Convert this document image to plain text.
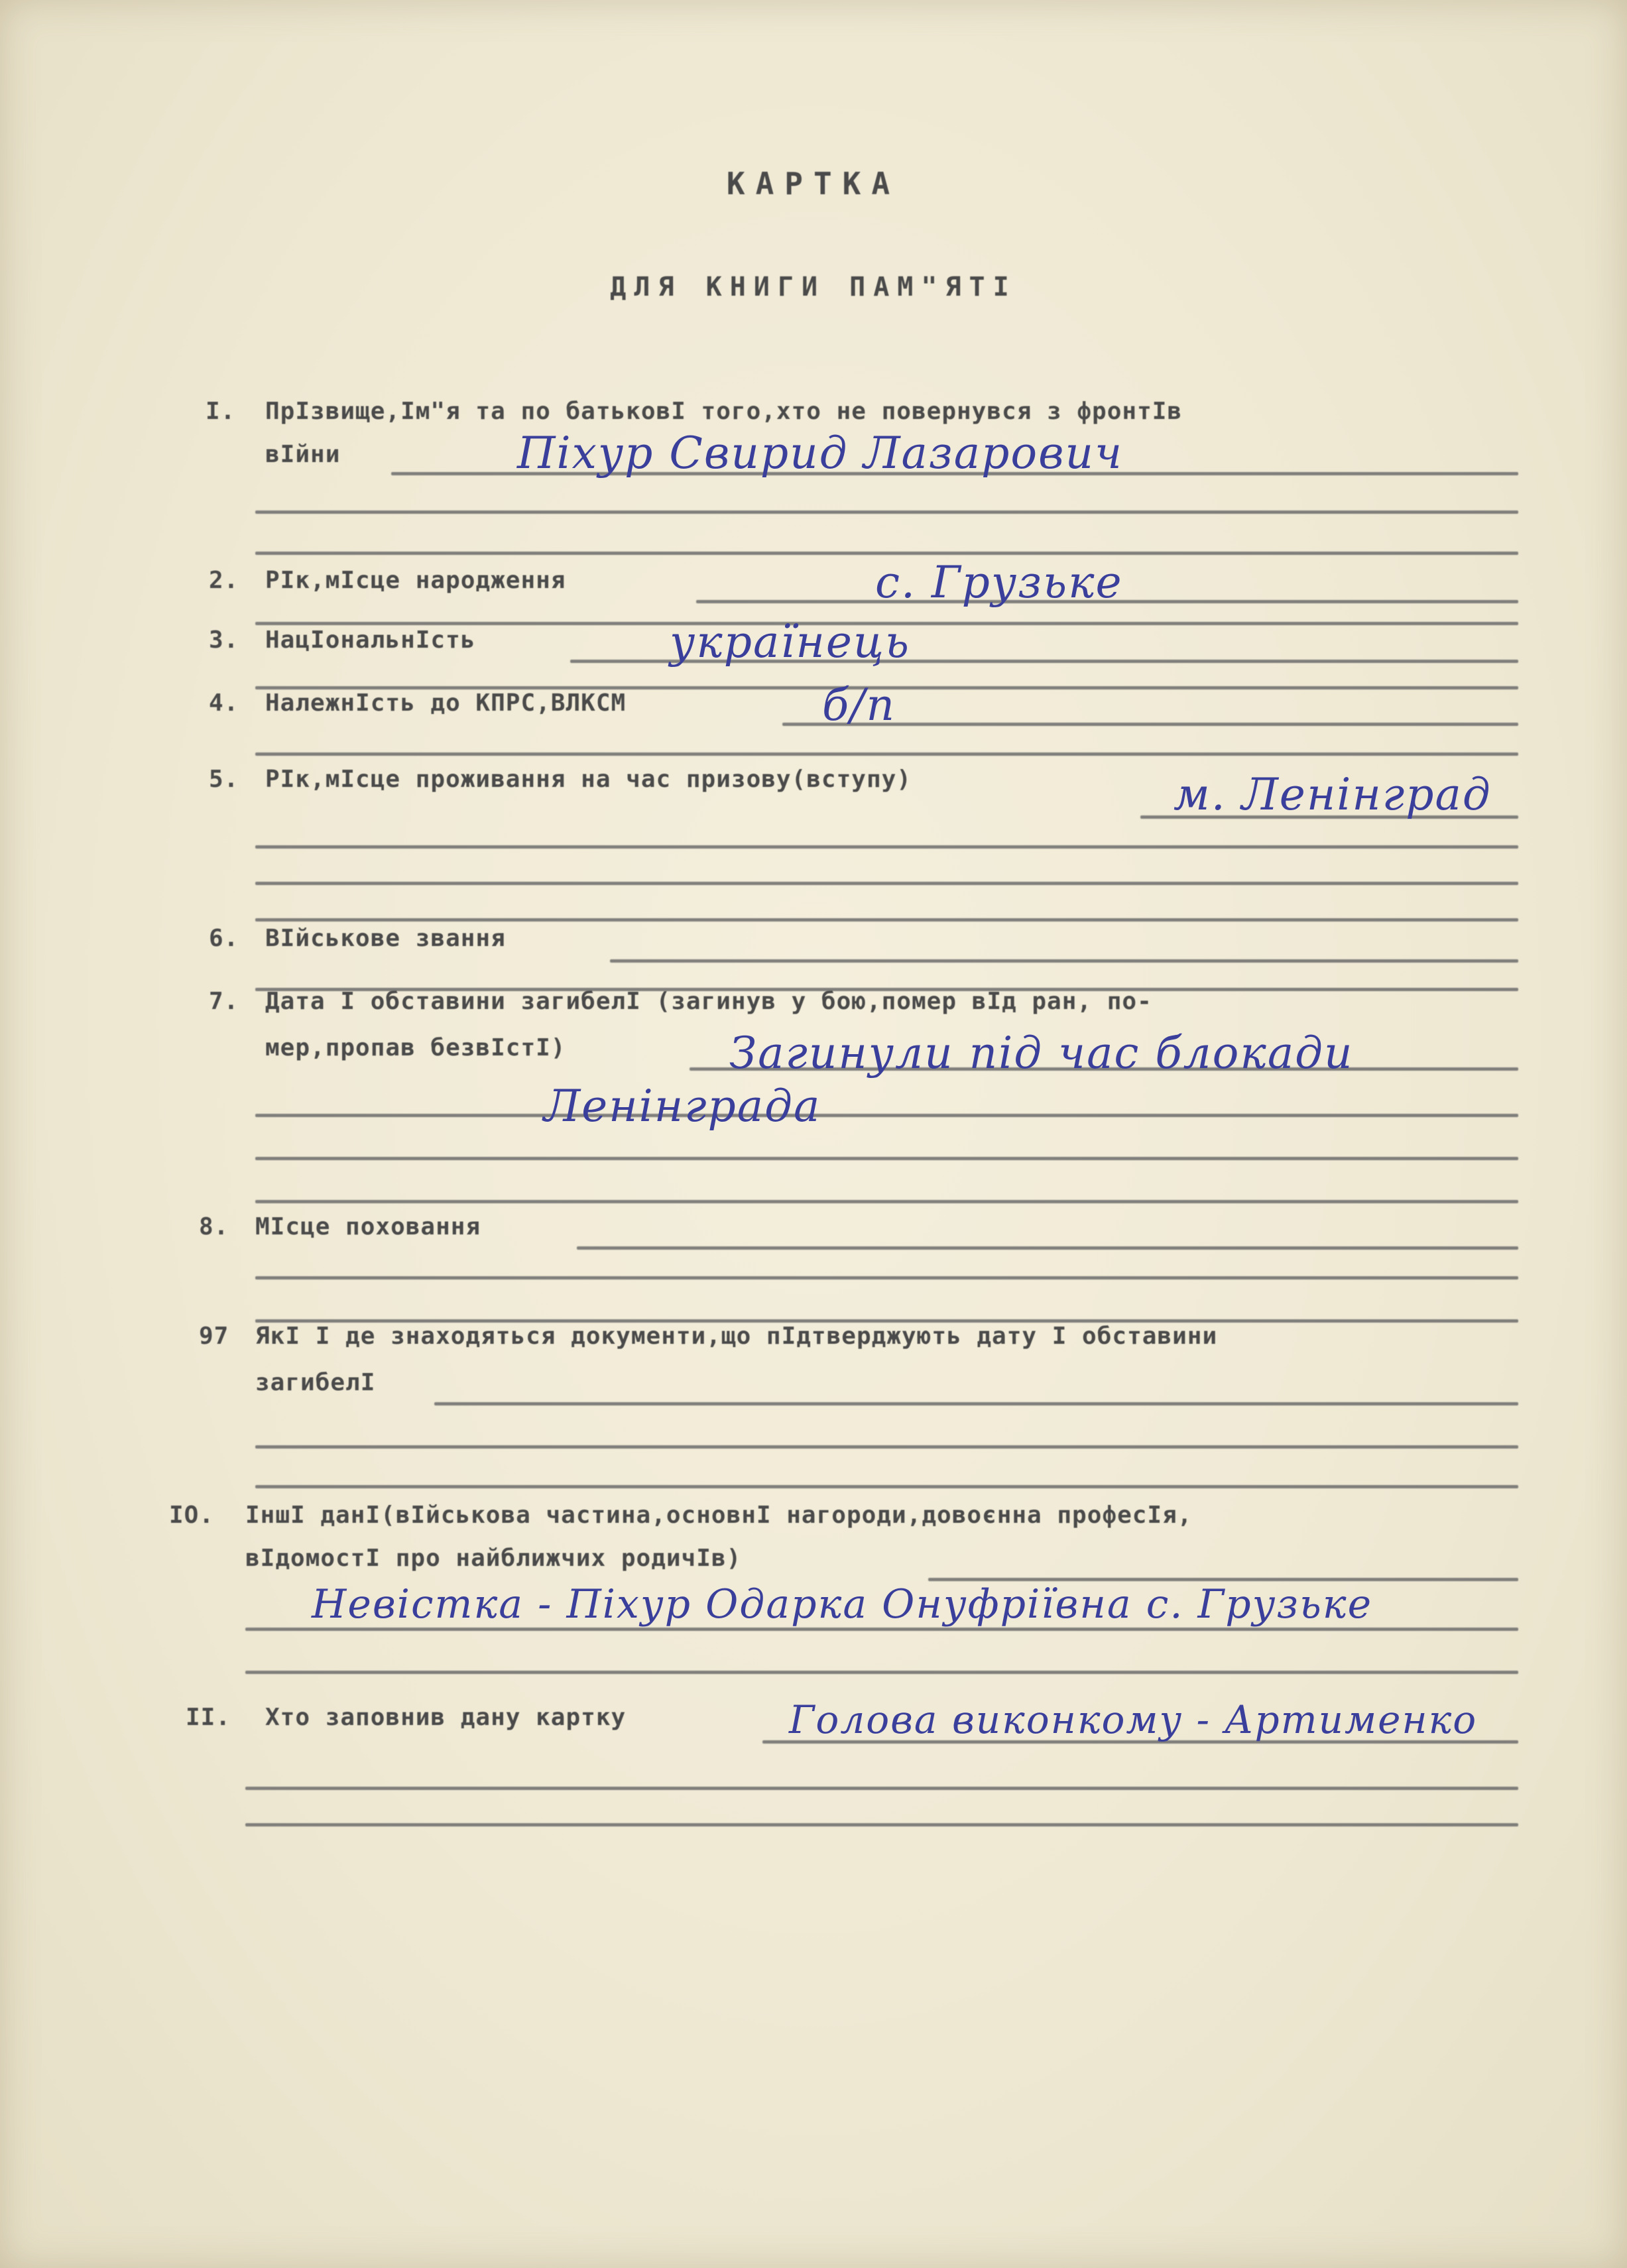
КАРТКА
ДЛЯ КНИГИ ПАМ"ЯТІ
I. ПрІзвище,Ім"я та по батьковІ того,хто не повернувся з фронтІв
вІйни	Піхур Свирид Лазарович
2. РІк,мІсце народження	с. Грузьке
3. НацІональнІсть	українець
4. НалежнІсть до КПРС,ВЛКСМ	б/п
5. РІк,мІсце проживання на час призову(вступу)	м. Ленінград
6. ВІйськове звання
7. Дата І обставини загибелІ (загинув у бою,помер вІд ран, по-
мер,пропав безвІстІ)	Загинули під час блокади
Ленінграда
8. МІсце поховання
97 ЯкІ І де знаходяться документи,що пІдтверджують дату І обставини
загибелІ
IO. ІншІ данІ(вІйськова частина,основнІ нагороди,довоєнна професІя,
вІдомостІ про найближчих родичІв)
Невістка - Піхур Одарка Онуфріївна с. Грузьке
II. Хто заповнив дану картку	Голова виконкому - Артименко
